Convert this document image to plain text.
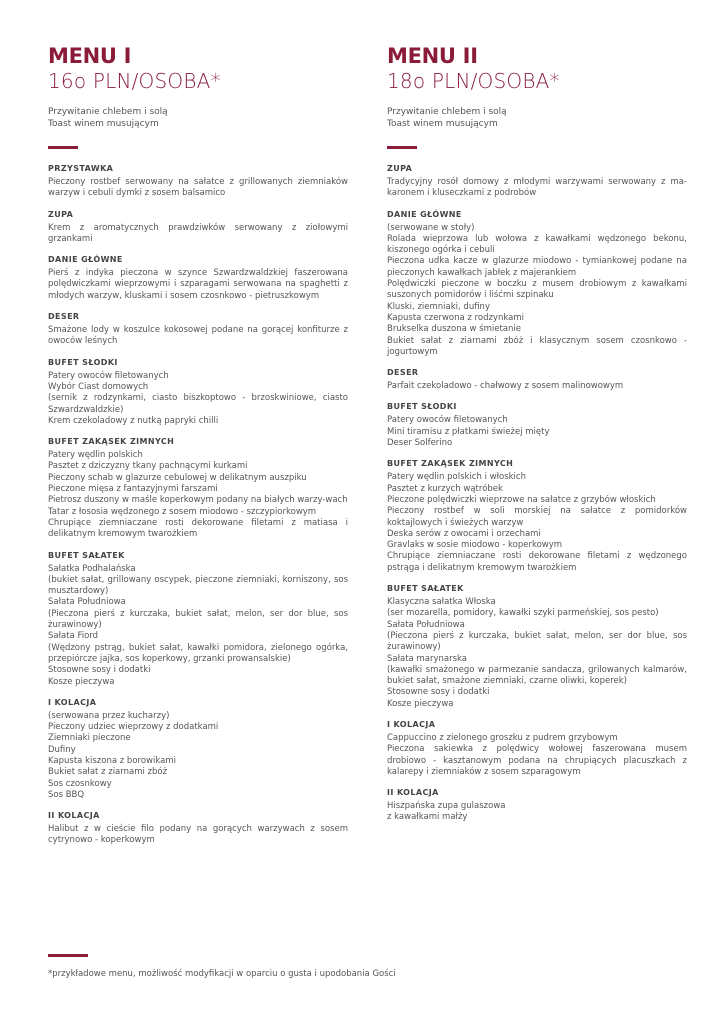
MENU I
16o PLN/OSOBA*
Przywitanie chlebem i solą
Toast winem musującym
PRZYSTAWKA
Pieczony rostbef serwowany na sałatce z grillowanych ziemniaków warzyw i cebuli dymki z sosem balsamico
ZUPA
Krem z aromatycznych prawdziwków serwowany z ziołowymi grzankami
DANIE GŁÓWNE
Pierś z indyka pieczona w szynce Szwardzwaldzkiej faszerowana polędwiczkami wieprzowymi i szparagami serwowana na spaghetti z młodych warzyw, kluskami i sosem czosnkowo - pietruszkowym
DESER
Smażone lody w koszulce kokosowej podane na gorącej konfiturze z owoców leśnych
BUFET SŁODKI
Patery owoców filetowanych
Wybór Ciast domowych
(sernik z rodzynkami, ciasto biszkoptowo - brzoskwiniowe, ciasto Szwardzwaldzkie)
Krem czekoladowy z nutką papryki chilli
BUFET ZAKĄSEK ZIMNYCH
Patery wędlin polskich
Pasztet z dziczyzny tkany pachnącymi kurkami
Pieczony schab w glazurze cebulowej w delikatnym auszpiku
Pieczone mięsa z fantazyjnymi farszami
Pietrosz duszony w maśle koperkowym podany na białych warzy-wach
Tatar z łososia wędzonego z sosem miodowo - szczypiorkowym
Chrupiące ziemniaczane rosti dekorowane filetami z matiasa i delikatnym kremowym twarożkiem
BUFET SAŁATEK
Sałatka Podhalańska
(bukiet sałat, grillowany oscypek, pieczone ziemniaki, korniszony, sos musztardowy)
Sałata Południowa
(Pieczona pierś z kurczaka, bukiet sałat, melon, ser dor blue, sos żurawinowy)
Sałata Fiord
(Wędzony pstrąg, bukiet sałat, kawałki pomidora, zielonego ogórka, przepiórcze jajka, sos koperkowy, grzanki prowansalskie)
Stosowne sosy i dodatki
Kosze pieczywa
I KOLACJA
(serwowana przez kucharzy)
Pieczony udziec wieprzowy z dodatkami
Ziemniaki pieczone
Dufiny
Kapusta kiszona z borowikami
Bukiet sałat z ziarnami zbóż
Sos czosnkowy
Sos BBQ
II KOLACJA
Halibut z w cieście filo podany na gorących warzywach z sosem cytrynowo - koperkowym
MENU II
18o PLN/OSOBA*
Przywitanie chlebem i solą
Toast winem musującym
ZUPA
Tradycyjny rosół domowy z młodymi warzywami serwowany z ma-karonem i kluseczkami z podrobów
DANIE GŁÓWNE
(serwowane w stoły)
Rolada wieprzowa lub wołowa z kawałkami wędzonego bekonu, kiszonego ogórka i cebuli
Pieczona udka kacze w glazurze miodowo - tymiankowej podane na pieczonych kawałkach jabłek z majerankiem
Polędwiczki pieczone w boczku z musem drobiowym z kawałkami suszonych pomidorów i liśćmi szpinaku
Kluski, ziemniaki, dufiny
Kapusta czerwona z rodzynkami
Brukselka duszona w śmietanie
Bukiet sałat z ziarnami zbóż i klasycznym sosem czosnkowo - jogurtowym
DESER
Parfait czekoladowo - chałwowy z sosem malinowowym
BUFET SŁODKI
Patery owoców filetowanych
Mini tiramisu z płatkami świeżej mięty
Deser Solferino
BUFET ZAKĄSEK ZIMNYCH
Patery wędlin polskich i włoskich
Pasztet z kurzych wątróbek
Pieczone polędwiczki wieprzowe na sałatce z grzybów włoskich
Pieczony rostbef w soli morskiej na sałatce z pomidorków koktajlowych i świeżych warzyw
Deska serów z owocami i orzechami
Gravlaks w sosie miodowo - koperkowym
Chrupiące ziemniaczane rosti dekorowane filetami z wędzonego pstrąga i delikatnym kremowym twarożkiem
BUFET SAŁATEK
Klasyczna sałatka Włoska
(ser mozarella, pomidory, kawałki szyki parmeńskiej, sos pesto)
Sałata Południowa
(Pieczona pierś z kurczaka, bukiet sałat, melon, ser dor blue, sos żurawinowy)
Sałata marynarska
(kawałki smażonego w parmezanie sandacza, grilowanych kalmarów, bukiet sałat, smażone ziemniaki, czarne oliwki, koperek)
Stosowne sosy i dodatki
Kosze pieczywa
I KOLACJA
Cappuccino z zielonego groszku z pudrem grzybowym
Pieczona sakiewka z polędwicy wołowej faszerowana musem drobiowo - kasztanowym podana na chrupiących placuszkach z kalarepy i ziemniaków z sosem szparagowym
II KOLACJA
Hiszpańska zupa gulaszowa
z kawałkami małży
*przykładowe menu, możliwość modyfikacji w oparciu o gusta i upodobania Gości
